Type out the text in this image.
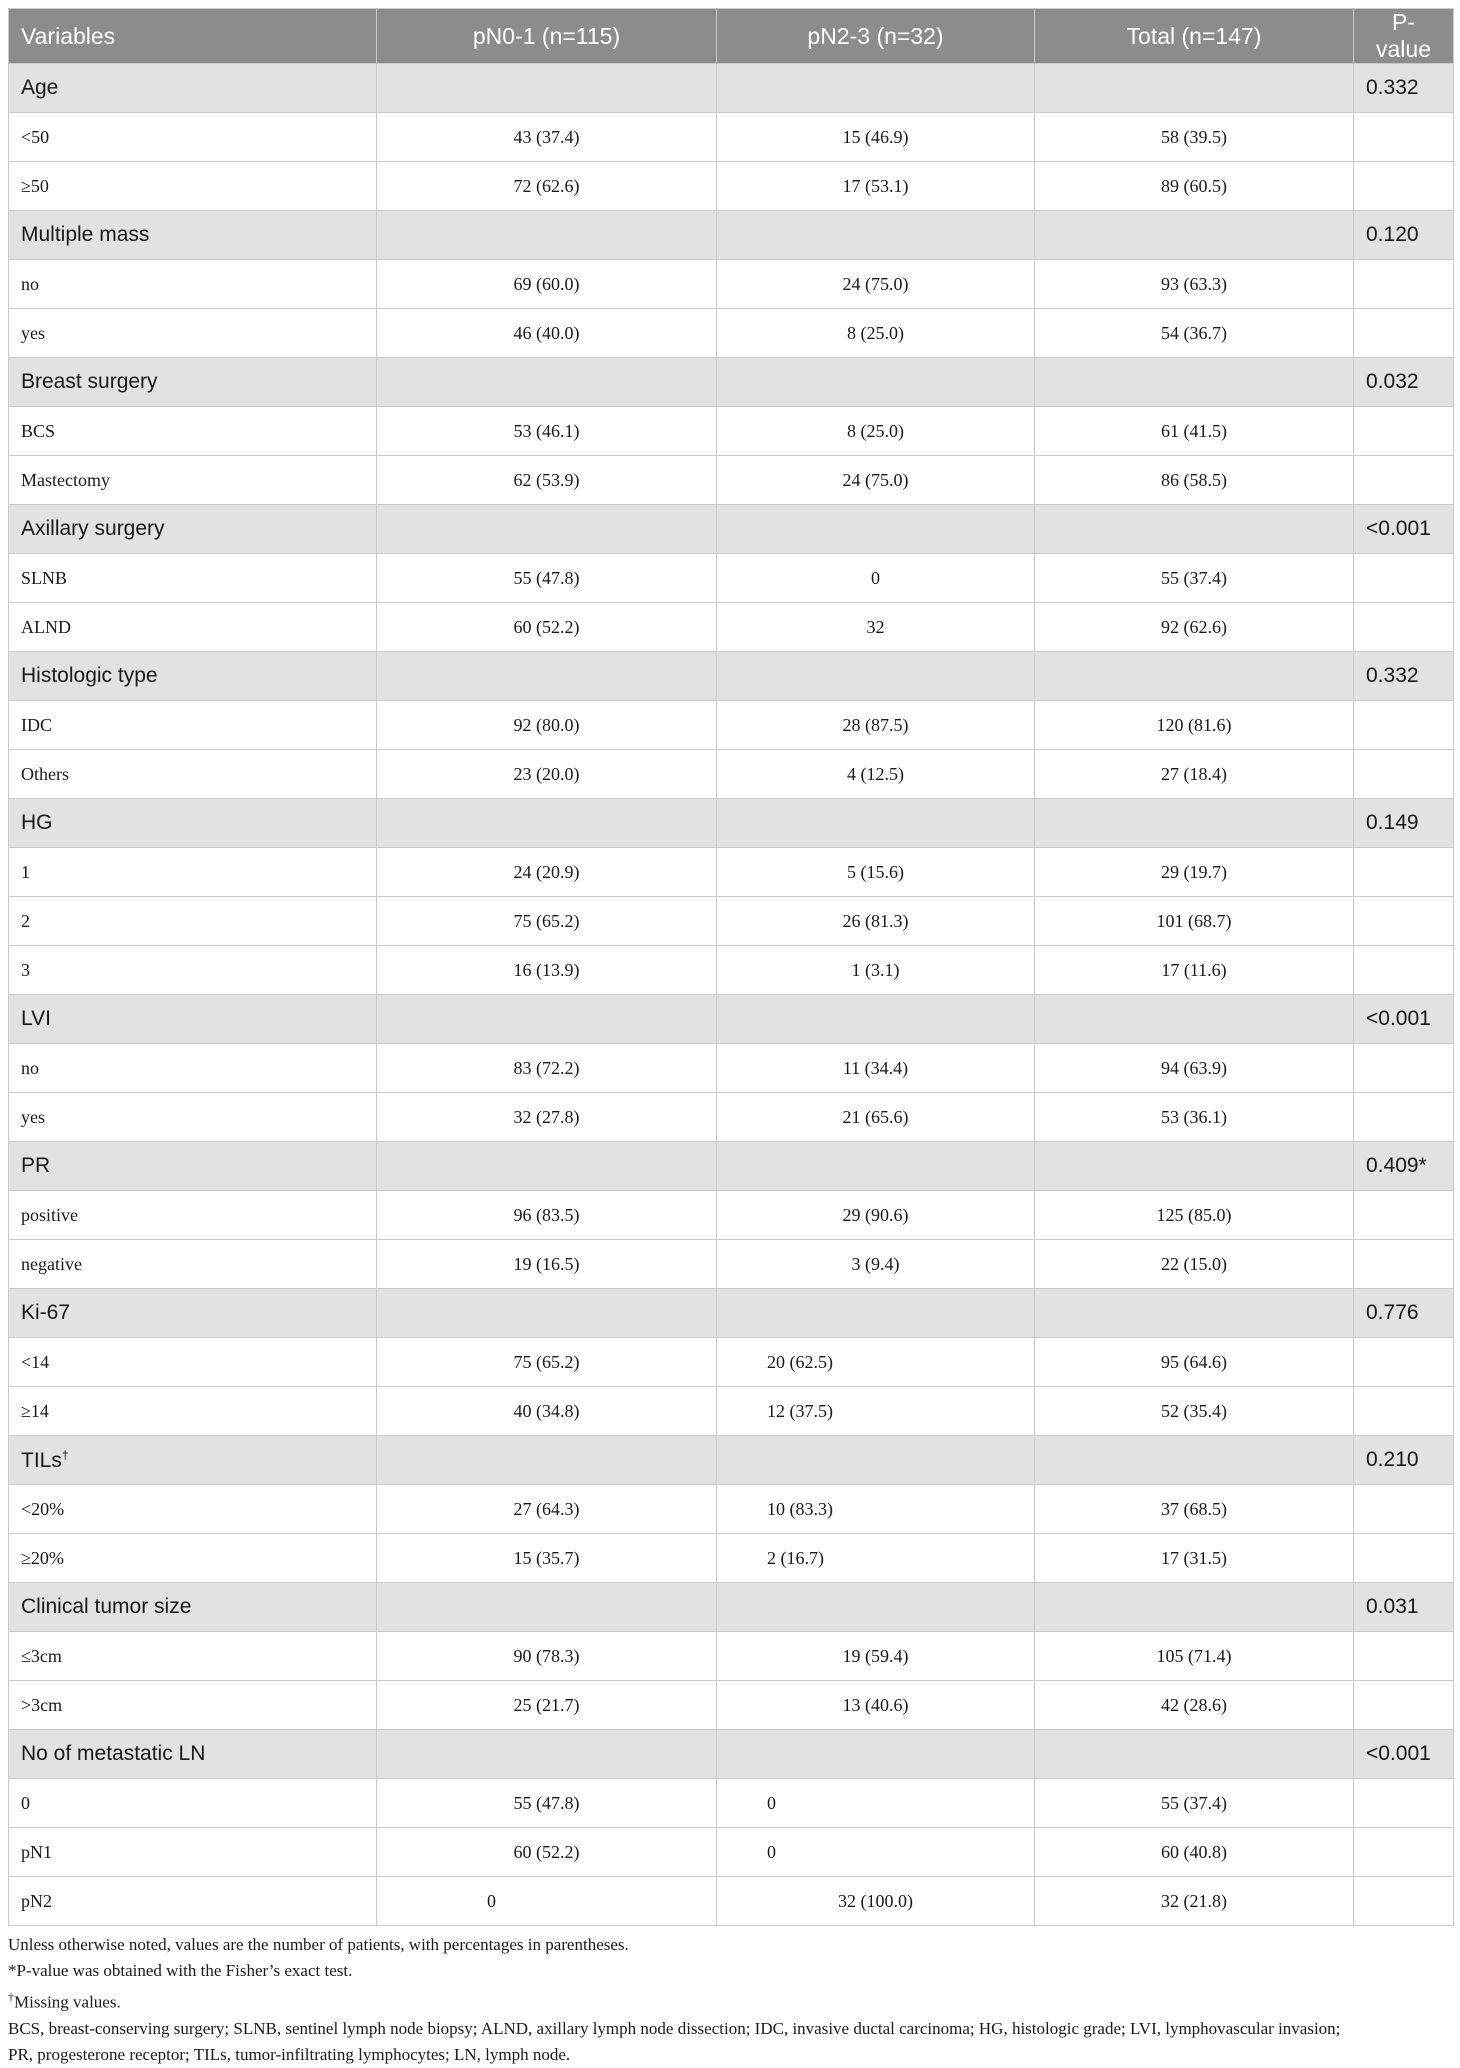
Variables	pN0-1 (n=115)	pN2-3 (n=32)	Total (n=147)	P-value
Age				0.332
<50	43 (37.4)	15 (46.9)	58 (39.5)	
≥50	72 (62.6)	17 (53.1)	89 (60.5)	
Multiple mass				0.120
no	69 (60.0)	24 (75.0)	93 (63.3)	
yes	46 (40.0)	8 (25.0)	54 (36.7)	
Breast surgery				0.032
BCS	53 (46.1)	8 (25.0)	61 (41.5)	
Mastectomy	62 (53.9)	24 (75.0)	86 (58.5)	
Axillary surgery				<0.001
SLNB	55 (47.8)	0	55 (37.4)	
ALND	60 (52.2)	32	92 (62.6)	
Histologic type				0.332
IDC	92 (80.0)	28 (87.5)	120 (81.6)	
Others	23 (20.0)	4 (12.5)	27 (18.4)	
HG				0.149
1	24 (20.9)	5 (15.6)	29 (19.7)	
2	75 (65.2)	26 (81.3)	101 (68.7)	
3	16 (13.9)	1 (3.1)	17 (11.6)	
LVI				<0.001
no	83 (72.2)	11 (34.4)	94 (63.9)	
yes	32 (27.8)	21 (65.6)	53 (36.1)	
PR				0.409*
positive	96 (83.5)	29 (90.6)	125 (85.0)	
negative	19 (16.5)	3 (9.4)	22 (15.0)	
Ki-67				0.776
<14	75 (65.2)	20 (62.5)	95 (64.6)	
≥14	40 (34.8)	12 (37.5)	52 (35.4)	
TILs†				0.210
<20%	27 (64.3)	10 (83.3)	37 (68.5)	
≥20%	15 (35.7)	2 (16.7)	17 (31.5)	
Clinical tumor size				0.031
≤3cm	90 (78.3)	19 (59.4)	105 (71.4)	
>3cm	25 (21.7)	13 (40.6)	42 (28.6)	
No of metastatic LN				<0.001
0	55 (47.8)	0	55 (37.4)	
pN1	60 (52.2)	0	60 (40.8)	
pN2	0	32 (100.0)	32 (21.8)	
Unless otherwise noted, values are the number of patients, with percentages in parentheses.
*P-value was obtained with the Fisher’s exact test.
†Missing values.
BCS, breast-conserving surgery; SLNB, sentinel lymph node biopsy; ALND, axillary lymph node dissection; IDC, invasive ductal carcinoma; HG, histologic grade; LVI, lymphovascular invasion;
PR, progesterone receptor; TILs, tumor-infiltrating lymphocytes; LN, lymph node.
